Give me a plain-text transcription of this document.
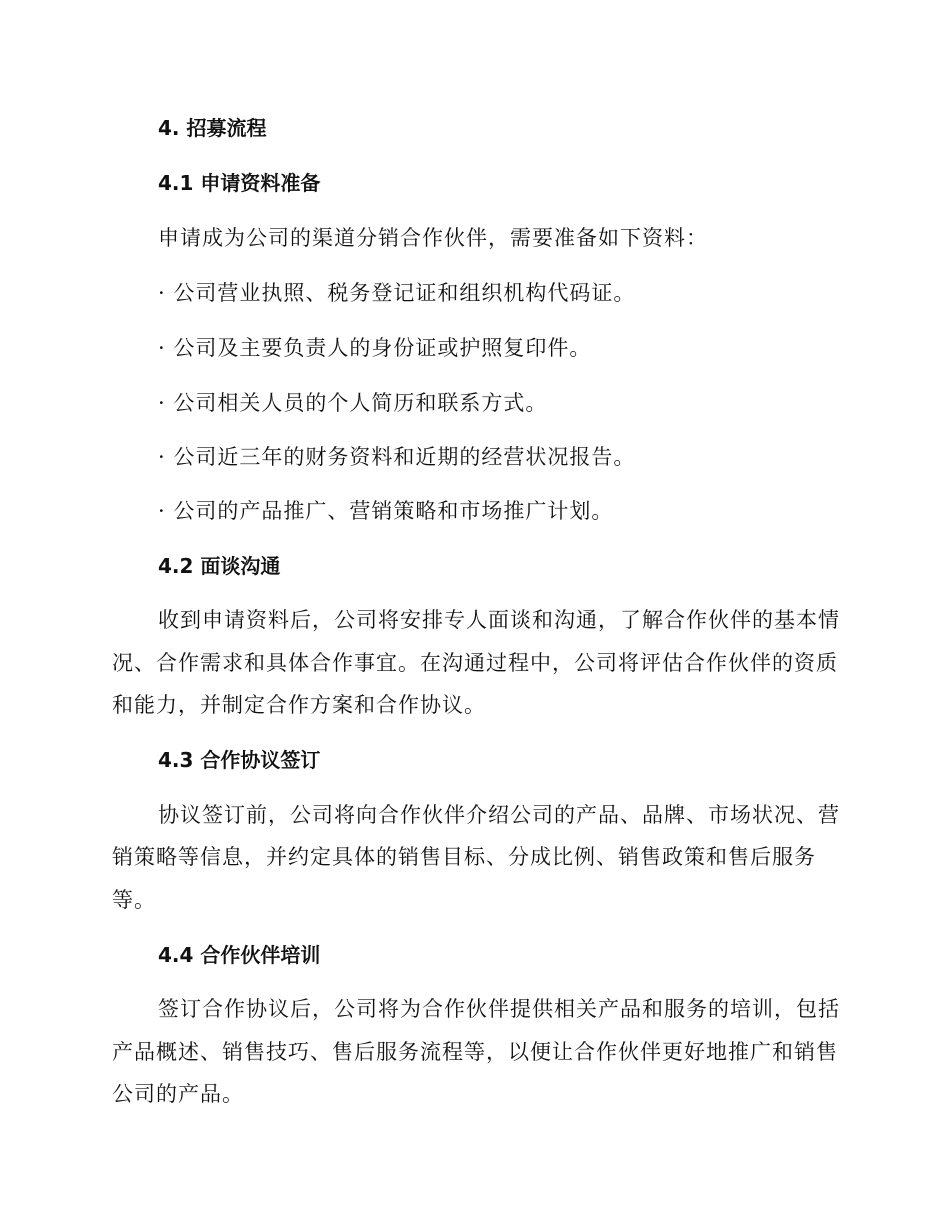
4. 招募流程
4.1 申请资料准备
申请成为公司的渠道分销合作伙伴，需要准备如下资料：
· 公司营业执照、税务登记证和组织机构代码证。
· 公司及主要负责人的身份证或护照复印件。
· 公司相关人员的个人简历和联系方式。
· 公司近三年的财务资料和近期的经营状况报告。
· 公司的产品推广、营销策略和市场推广计划。
4.2 面谈沟通
收到申请资料后，公司将安排专人面谈和沟通，了解合作伙伴的基本情
况、合作需求和具体合作事宜。在沟通过程中，公司将评估合作伙伴的资质
和能力，并制定合作方案和合作协议。
4.3 合作协议签订
协议签订前，公司将向合作伙伴介绍公司的产品、品牌、市场状况、营
销策略等信息，并约定具体的销售目标、分成比例、销售政策和售后服务
等。
4.4 合作伙伴培训
签订合作协议后，公司将为合作伙伴提供相关产品和服务的培训，包括
产品概述、销售技巧、售后服务流程等，以便让合作伙伴更好地推广和销售
公司的产品。
